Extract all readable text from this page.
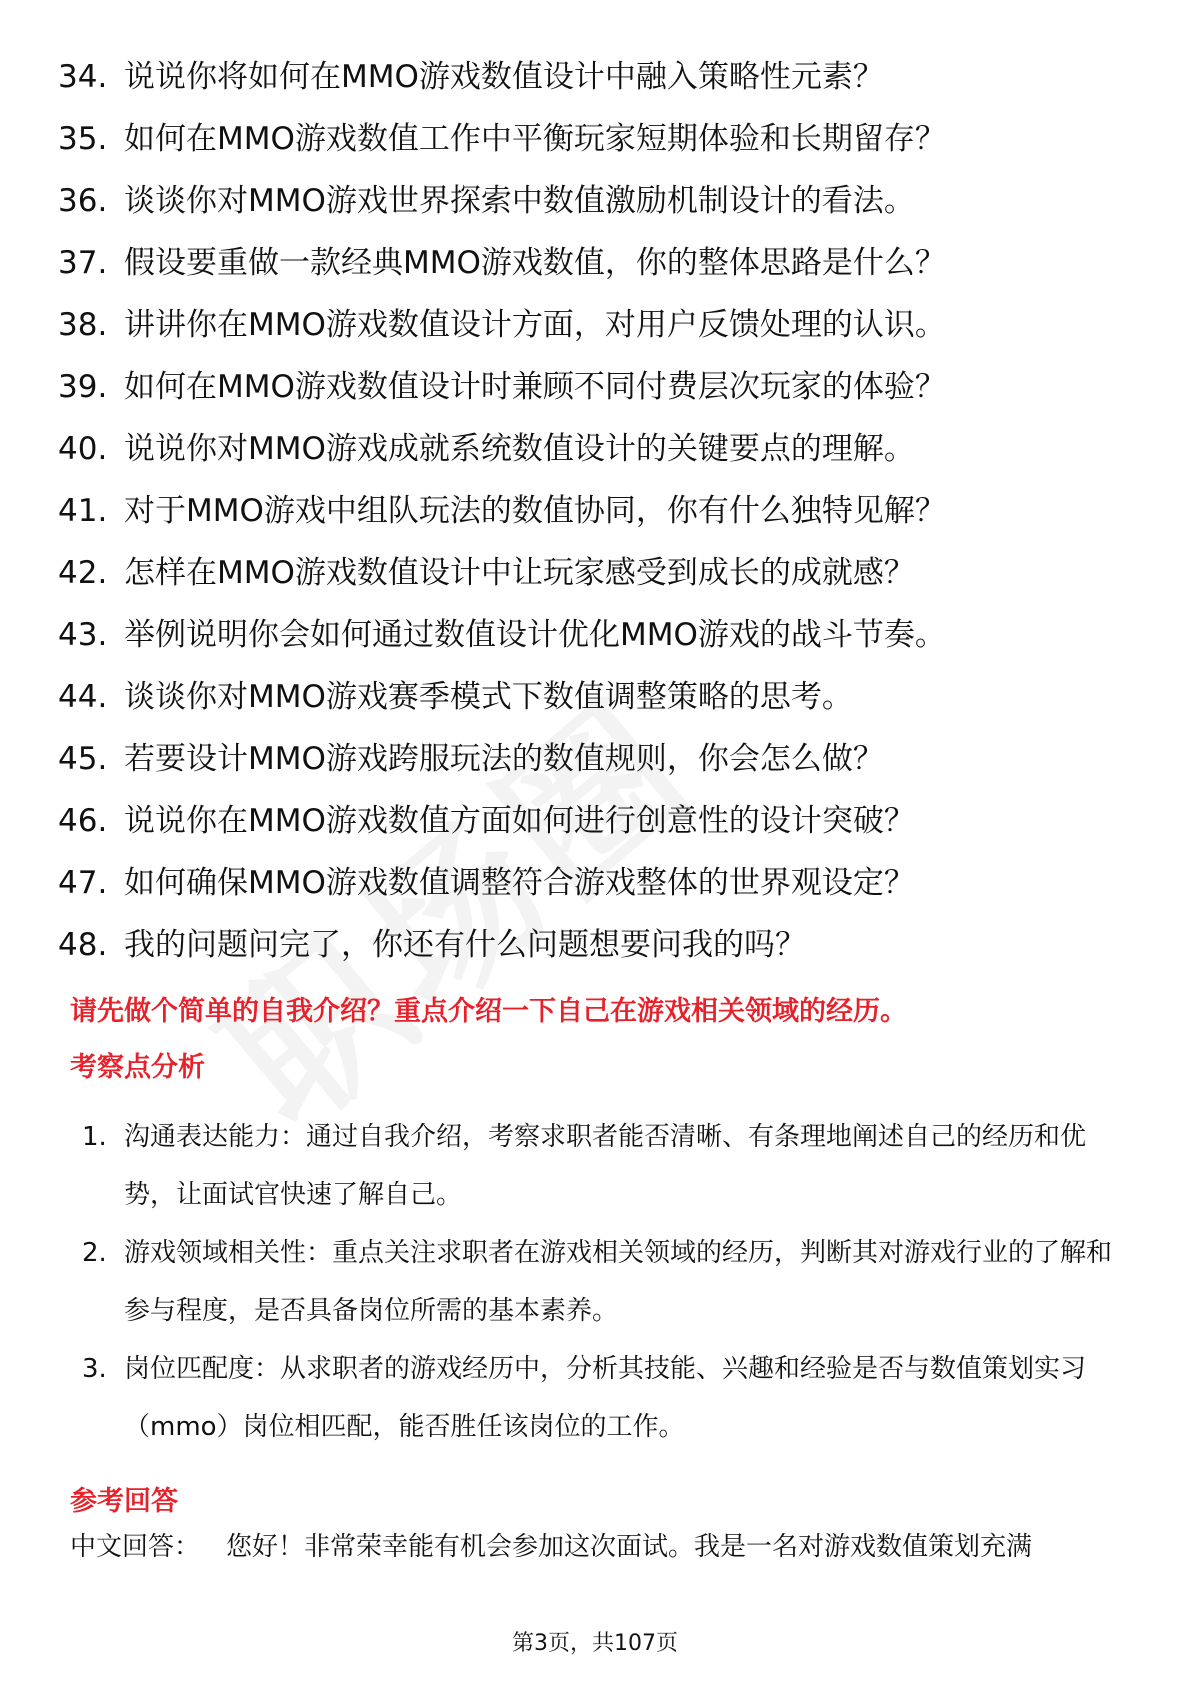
34. 说说你将如何在MMO游戏数值设计中融入策略性元素？
35. 如何在MMO游戏数值工作中平衡玩家短期体验和长期留存？
36. 谈谈你对MMO游戏世界探索中数值激励机制设计的看法。
37. 假设要重做一款经典MMO游戏数值，你的整体思路是什么？
38. 讲讲你在MMO游戏数值设计方面，对用户反馈处理的认识。
39. 如何在MMO游戏数值设计时兼顾不同付费层次玩家的体验？
40. 说说你对MMO游戏成就系统数值设计的关键要点的理解。
41. 对于MMO游戏中组队玩法的数值协同，你有什么独特见解？
42. 怎样在MMO游戏数值设计中让玩家感受到成长的成就感？
43. 举例说明你会如何通过数值设计优化MMO游戏的战斗节奏。
44. 谈谈你对MMO游戏赛季模式下数值调整策略的思考。
45. 若要设计MMO游戏跨服玩法的数值规则，你会怎么做？
46. 说说你在MMO游戏数值方面如何进行创意性的设计突破？
47. 如何确保MMO游戏数值调整符合游戏整体的世界观设定？
48. 我的问题问完了，你还有什么问题想要问我的吗？
请先做个简单的自我介绍？重点介绍一下自己在游戏相关领域的经历。
考察点分析
1. 沟通表达能力：通过自我介绍，考察求职者能否清晰、有条理地阐述自己的经历和优势，让面试官快速了解自己。
2. 游戏领域相关性：重点关注求职者在游戏相关领域的经历，判断其对游戏行业的了解和参与程度，是否具备岗位所需的基本素养。
3. 岗位匹配度：从求职者的游戏经历中，分析其技能、兴趣和经验是否与数值策划实习（mmo）岗位相匹配，能否胜任该岗位的工作。
参考回答
中文回答： 您好！非常荣幸能有机会参加这次面试。我是一名对游戏数值策划充满
第3页，共107页
